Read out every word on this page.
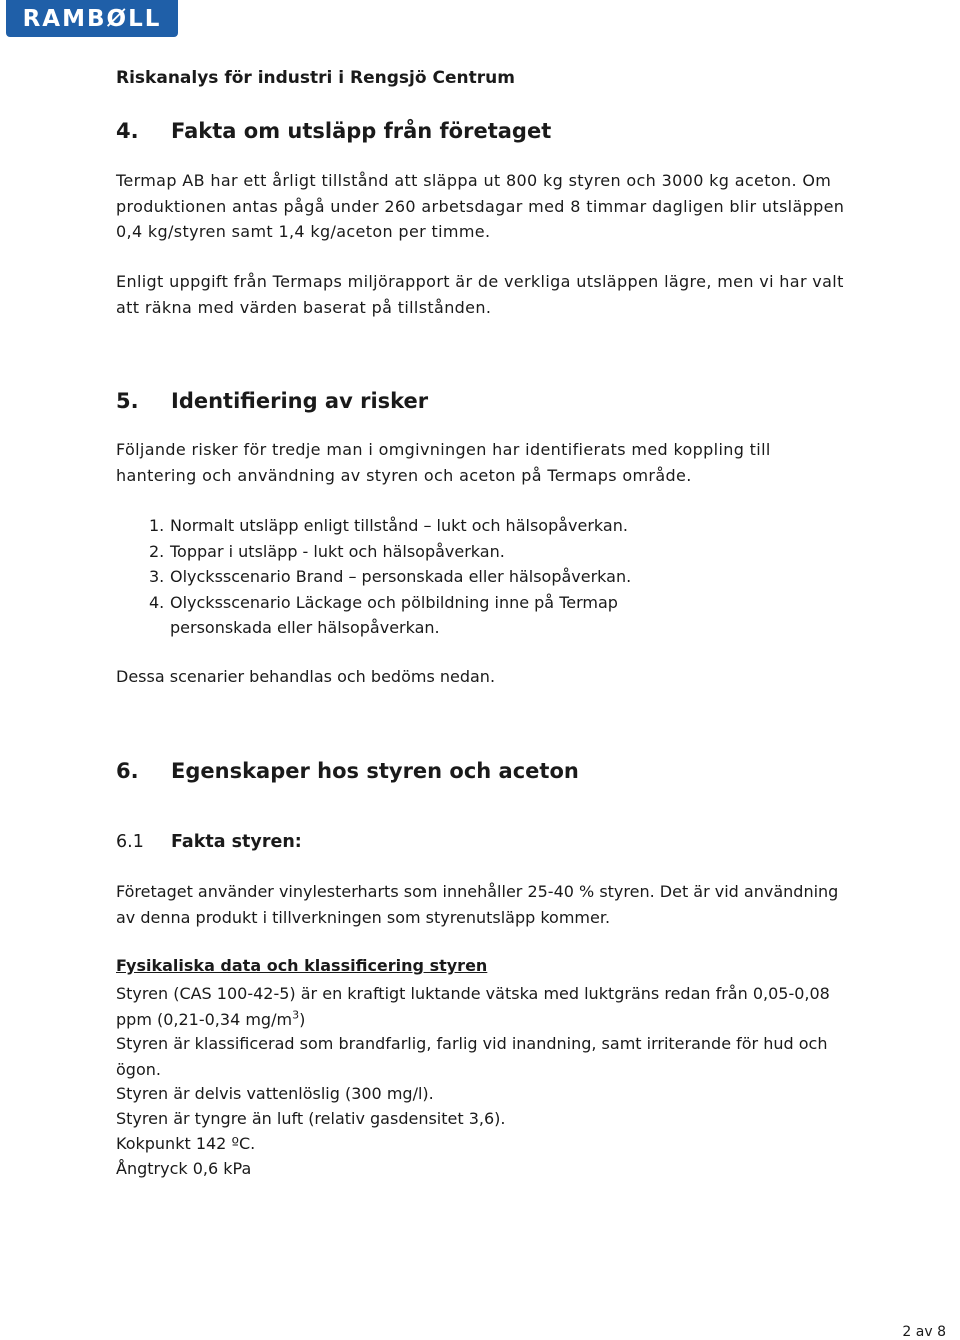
RAMBØLL
Riskanalys för industri i Rengsjö Centrum
4. Fakta om utsläpp från företaget

Termap AB har ett årligt tillstånd att släppa ut 800 kg styren och 3000 kg aceton. Om produktionen antas pågå under 260 arbetsdagar med 8 timmar dagligen blir utsläppen 0,4 kg/styren samt 1,4 kg/aceton per timme.

Enligt uppgift från Termaps miljörapport är de verkliga utsläppen lägre, men vi har valt att räkna med värden baserat på tillstånden.

5. Identifiering av risker

Följande risker för tredje man i omgivningen har identifierats med koppling till hantering och användning av styren och aceton på Termaps område.

1. Normalt utsläpp enligt tillstånd – lukt och hälsopåverkan.
2. Toppar i utsläpp - lukt och hälsopåverkan.
3. Olycksscenario Brand – personskada eller hälsopåverkan.
4. Olycksscenario Läckage och pölbildning inne på Termap personskada eller hälsopåverkan.

Dessa scenarier behandlas och bedöms nedan.

6. Egenskaper hos styren och aceton
6.1 Fakta styren:

Företaget använder vinylesterharts som innehåller 25-40 % styren. Det är vid användning av denna produkt i tillverkningen som styrenutsläpp kommer.

Fysikaliska data och klassificering styren

Styren (CAS 100-42-5) är en kraftigt luktande vätska med luktgräns redan från 0,05-0,08 ppm (0,21-0,34 $mg/m^3$)

Styren är klassificerad som brandfarlig, farlig vid inandning, samt irriterande för hud och ögon.

Styren är delvis vattenlöslig (300 mg/l).

Styren är tyngre än luft (relativ gasdensitet 3,6).

Kokpunkt 142 ºC.

Ångtryck 0,6 kPa

2 av 8
